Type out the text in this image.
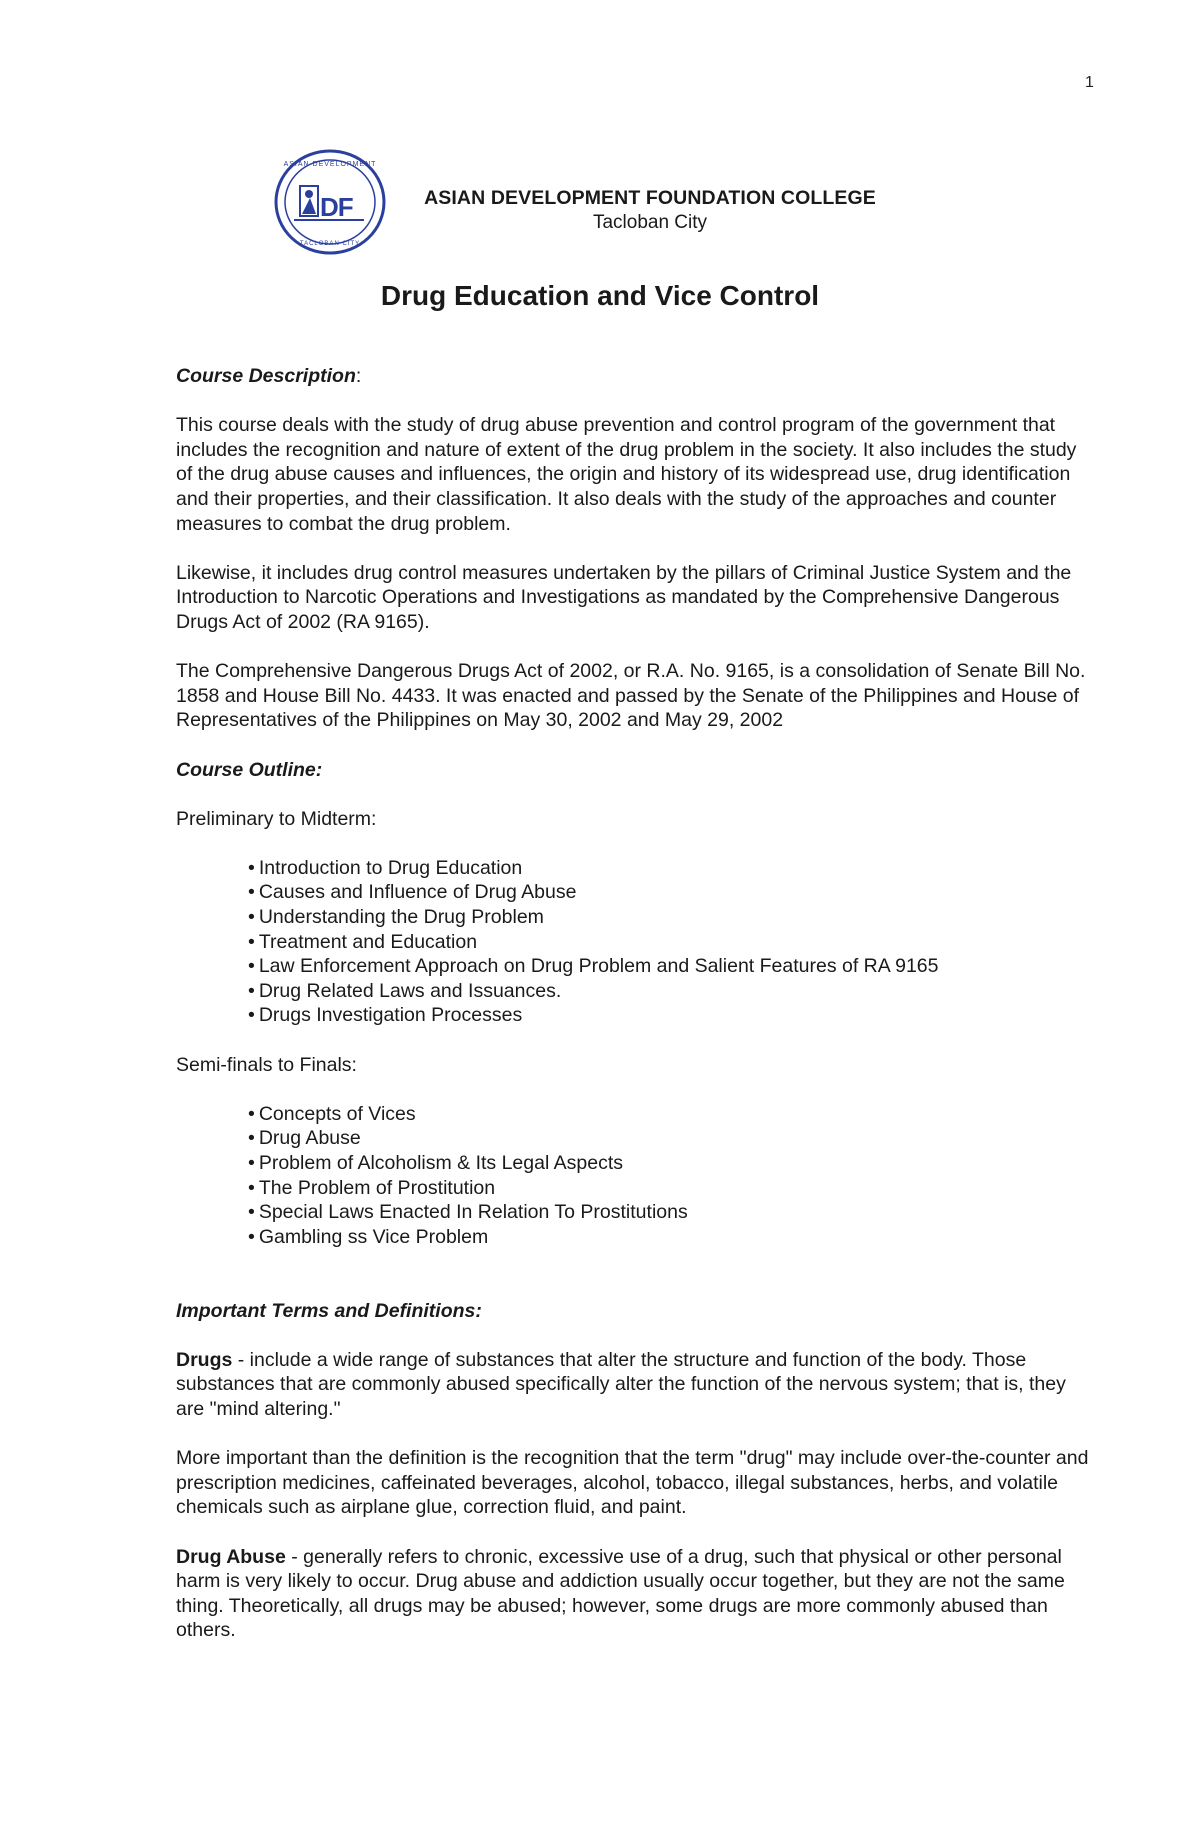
1
ASIAN DEVELOPMENT
TACLOBAN CITY
DF	ASIAN DEVELOPMENT FOUNDATION COLLEGE
Tacloban City
Drug Education and Vice Control

Course Description:

This course deals with the study of drug abuse prevention and control program of the government that includes the recognition and nature of extent of the drug problem in the society. It also includes the study of the drug abuse causes and influences, the origin and history of its widespread use, drug identification and their properties, and their classification. It also deals with the study of the approaches and counter measures to combat the drug problem.

Likewise, it includes drug control measures undertaken by the pillars of Criminal Justice System and the Introduction to Narcotic Operations and Investigations as mandated by the Comprehensive Dangerous Drugs Act of 2002 (RA 9165).

The Comprehensive Dangerous Drugs Act of 2002, or R.A. No. 9165, is a consolidation of Senate Bill No. 1858 and House Bill No. 4433. It was enacted and passed by the Senate of the Philippines and House of Representatives of the Philippines on May 30, 2002 and May 29, 2002

Course Outline:

Preliminary to Midterm:

• Introduction to Drug Education
• Causes and Influence of Drug Abuse
• Understanding the Drug Problem
• Treatment and Education
• Law Enforcement Approach on Drug Problem and Salient Features of RA 9165
• Drug Related Laws and Issuances.
• Drugs Investigation Processes

Semi-finals to Finals:

• Concepts of Vices
• Drug Abuse
• Problem of Alcoholism & Its Legal Aspects
• The Problem of Prostitution
• Special Laws Enacted In Relation To Prostitutions
• Gambling ss Vice Problem

Important Terms and Definitions:

Drugs - include a wide range of substances that alter the structure and function of the body. Those substances that are commonly abused specifically alter the function of the nervous system; that is, they are "mind altering."

More important than the definition is the recognition that the term "drug" may include over-the-counter and prescription medicines, caffeinated beverages, alcohol, tobacco, illegal substances, herbs, and volatile chemicals such as airplane glue, correction fluid, and paint.

Drug Abuse - generally refers to chronic, excessive use of a drug, such that physical or other personal harm is very likely to occur. Drug abuse and addiction usually occur together, but they are not the same thing. Theoretically, all drugs may be abused; however, some drugs are more commonly abused than others.
